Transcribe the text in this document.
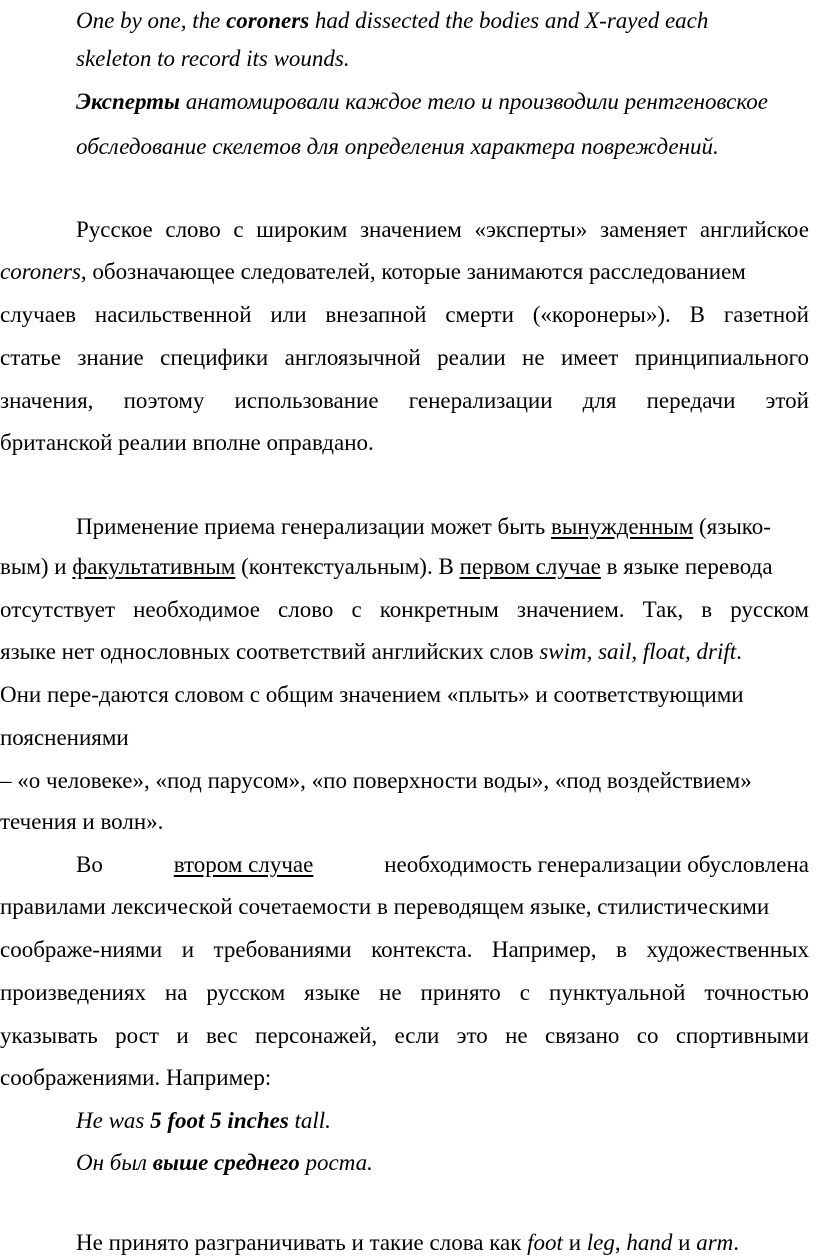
One by one, the coroners had dissected the bodies and X-rayed each
skeleton to record its wounds.
Эксперты анатомировали каждое тело и производили рентгеновское
обследование скелетов для определения характера повреждений.
Русское слово с широким значением «эксперты» заменяет английское
coroners , обозначающее следователей, которые занимаются расследованием
случаев насильственной или внезапной смерти («коронеры»). В газетной
статье знание специфики англоязычной реалии не имеет принципиального
значения, поэтому использование генерализации для передачи этой
британской реалии вполне оправдано.
Применение приема генерализации может быть вынужденным (языко-
вым) и факультативным (контекстуальным). В первом случае в языке перевода
отсутствует необходимое слово с конкретным значением. Так, в русском
языке нет однословных соответствий английских слов swim, sail, float, drift.
Они пере-даются словом с общим значением «плыть» и соответствующими
пояснениями
– «о человеке», «под парусом», «по поверхности воды», «под воздействием»
течения и волн».
Во	втором случае	необходимость генерализации обусловлена
правилами лексической сочетаемости в переводящем языке, стилистическими
соображе-ниями и требованиями контекста. Например, в художественных
произведениях на русском языке не принято с пунктуальной точностью
указывать рост и вес персонажей, если это не связано со спортивными
соображениями. Например:
He was 5 foot 5 inches tall.
Он был выше среднего роста.
Не принято разграничивать и такие слова как foot и leg, hand и arm.
